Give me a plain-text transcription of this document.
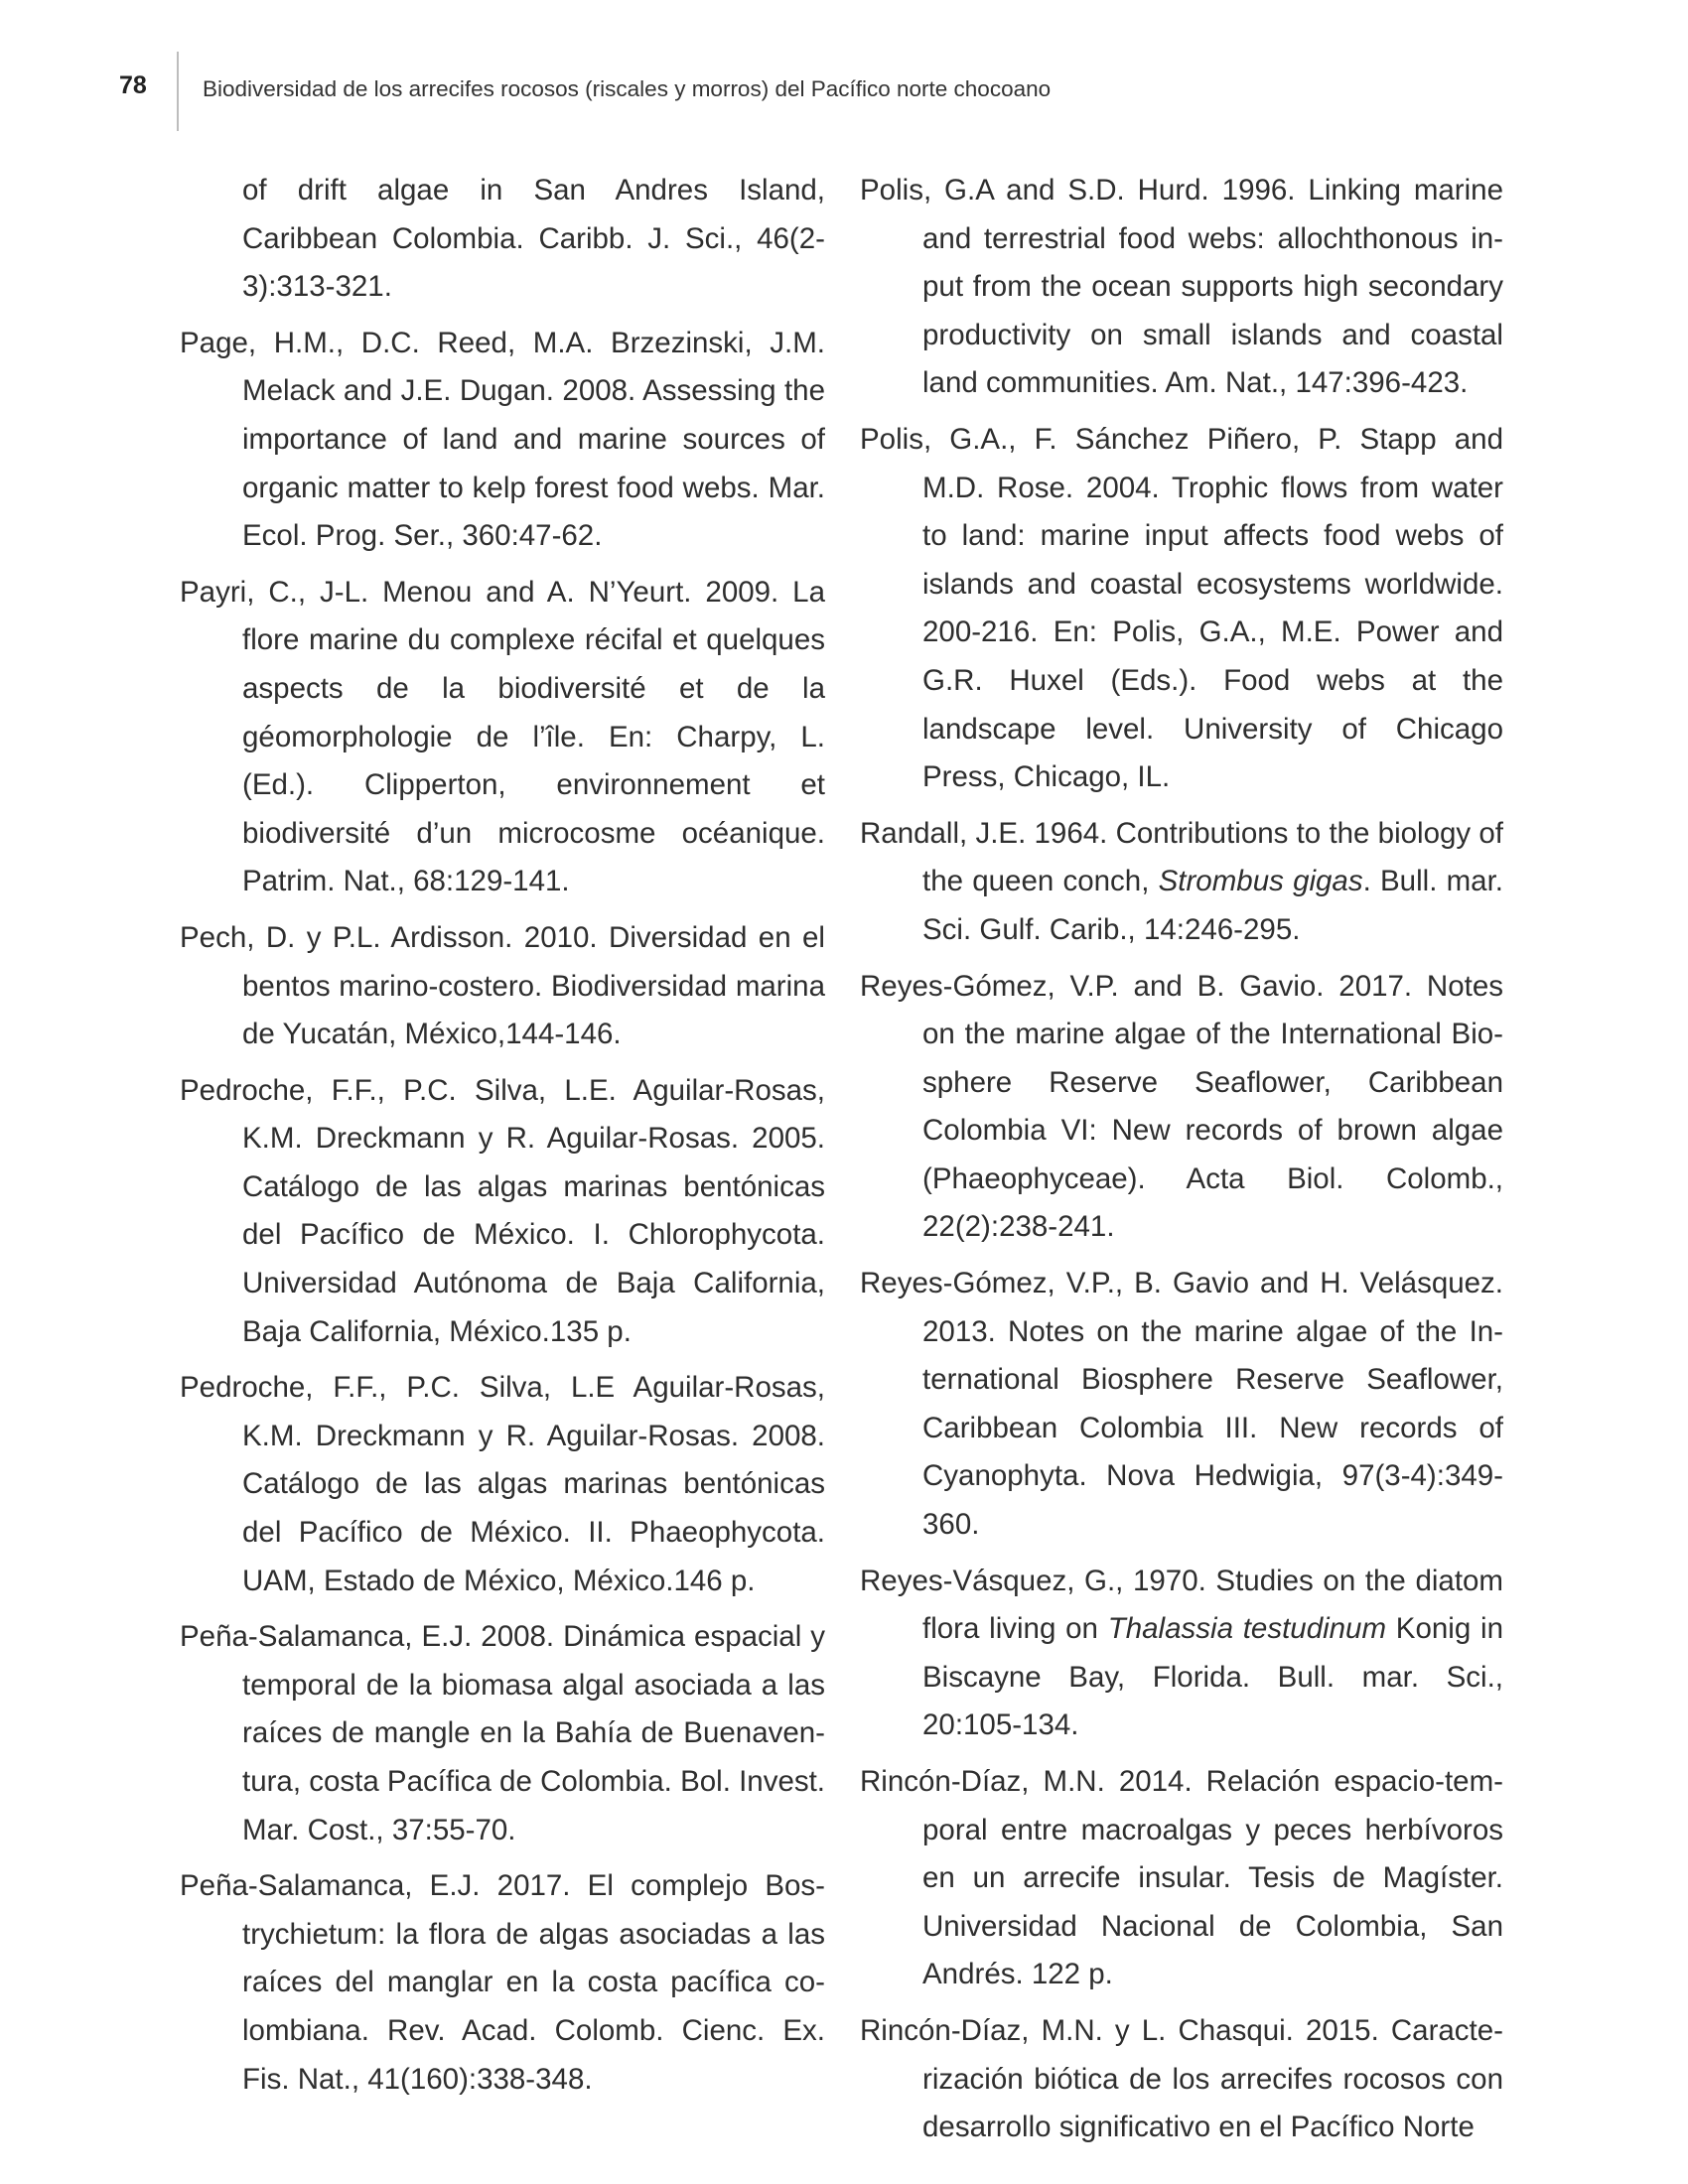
78 Biodiversidad de los arrecifes rocosos (riscales y morros) del Pacífico norte chocoano

of drift algae in San Andres Island, Caribbean Colombia. Caribb. J. Sci., 46(2-3):313-321.

Page, H.M., D.C. Reed, M.A. Brzezinski, J.M. Melack and J.E. Dugan. 2008. Assessing the importance of land and marine sources of organic matter to kelp forest food webs. Mar. Ecol. Prog. Ser., 360:47-62.

Payri, C., J-L. Menou and A. N’Yeurt. 2009. La flore marine du complexe récifal et quelques aspects de la biodiversité et de la géomorphologie de l’île. En: Charpy, L. (Ed.). Clipperton, environnement et biodiversité d’un microcosme océanique. Patrim. Nat., 68:129-141.

Pech, D. y P.L. Ardisson. 2010. Diversidad en el bentos marino-costero. Biodiversidad marina de Yucatán, México,144-146.

Pedroche, F.F., P.C. Silva, L.E. Aguilar-Rosas, K.M. Dreckmann y R. Aguilar-Rosas. 2005. Catálogo de las algas marinas bentónicas del Pacífico de México. I. Chlorophycota. Universidad Autónoma de Baja California, Baja California, México.135 p.

Pedroche, F.F., P.C. Silva, L.E Aguilar-Rosas, K.M. Dreckmann y R. Aguilar-Rosas. 2008. Catálogo de las algas marinas bentónicas del Pacífico de México. II. Phaeophycota. UAM, Estado de México, México.146 p.

Peña-Salamanca, E.J. 2008. Dinámica espacial y temporal de la biomasa algal asociada a las raíces de mangle en la Bahía de Buenaventura, costa Pacífica de Colombia. Bol. Invest. Mar. Cost., 37:55-70.

Peña-Salamanca, E.J. 2017. El complejo Bostrychietum: la flora de algas asociadas a las raíces del manglar en la costa pacífica colombiana. Rev. Acad. Colomb. Cienc. Ex. Fis. Nat., 41(160):338-348.

Polis, G.A and S.D. Hurd. 1996. Linking marine and terrestrial food webs: allochthonous input from the ocean supports high secondary productivity on small islands and coastal land communities. Am. Nat., 147:396-423.

Polis, G.A., F. Sánchez Piñero, P. Stapp and M.D. Rose. 2004. Trophic flows from water to land: marine input affects food webs of islands and coastal ecosystems worldwide. 200-216. En: Polis, G.A., M.E. Power and G.R. Huxel (Eds.). Food webs at the landscape level. University of Chicago Press, Chicago, IL.

Randall, J.E. 1964. Contributions to the biology of the queen conch, Strombus gigas. Bull. mar. Sci. Gulf. Carib., 14:246-295.

Reyes-Gómez, V.P. and B. Gavio. 2017. Notes on the marine algae of the International Biosphere Reserve Seaflower, Caribbean Colombia VI: New records of brown algae (Phaeophyceae). Acta Biol. Colomb., 22(2):238-241.

Reyes-Gómez, V.P., B. Gavio and H. Velásquez. 2013. Notes on the marine algae of the International Biosphere Reserve Seaflower, Caribbean Colombia III. New records of Cyanophyta. Nova Hedwigia, 97(3-4):349-360.

Reyes-Vásquez, G., 1970. Studies on the diatom flora living on Thalassia testudinum Konig in Biscayne Bay, Florida. Bull. mar. Sci., 20:105-134.

Rincón-Díaz, M.N. 2014. Relación espacio-temporal entre macroalgas y peces herbívoros en un arrecife insular. Tesis de Magíster. Universidad Nacional de Colombia, San Andrés. 122 p.

Rincón-Díaz, M.N. y L. Chasqui. 2015. Caracterización biótica de los arrecifes rocosos con desarrollo significativo en el Pacífico Norte
